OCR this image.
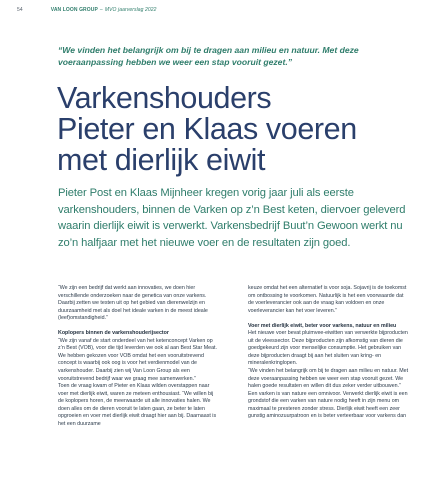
54	VAN LOON GROUP – MVO jaarverslag 2022
“We vinden het belangrijk om bij te dragen aan milieu en natuur. Met deze voeraanpassing hebben we weer een stap vooruit gezet.”
Varkenshouders
Pieter en Klaas voeren
met dierlijk eiwit

Pieter Post en Klaas Mijnheer kregen vorig jaar juli als eerste varkenshouders, binnen de Varken op z’n Best keten, diervoer geleverd waarin dierlijk eiwit is verwerkt. Varkensbedrijf Buut’n Gewoon werkt nu zo’n halfjaar met het nieuwe voer en de resultaten zijn goed.

“We zijn een bedrijf dat werkt aan innovaties, we doen hier verschillende onderzoeken naar de genetica van onze varkens. Daarbij zetten we testen uit op het gebied van dierenwelzijn en duurzaamheid met als doel het ideale varken in de meest ideale (leef)omstandigheid.”

Koplopers binnen de varkenshouderijsector

“We zijn vanaf de start onderdeel van het ketenconcept Varken op z’n Best (VOB), voor die tijd leverden we ook al aan Best Star Meat. We hebben gekozen voor VOB omdat het een vooruitstrevend concept is waarbij ook oog is voor het verdienmodel van de varkenshouder. Daarbij zien wij Van Loon Group als een vooruitstrevend bedrijf waar we graag mee samenwerken.”

Toen de vraag kwam of Pieter en Klaas wilden overstappen naar voer met dierlijk eiwit, waren ze meteen enthousiast. “We willen bij de koplopers horen, de meerwaarde uit alle innovaties halen. We doen alles om de dieren vooruit te laten gaan, ze beter te laten opgroeien en voer met dierlijk eiwit draagt hier aan bij. Daarnaast is het een duurzame

keuze omdat het een alternatief is voor soja. Sojavrij is de toekomst om ontbossing te voorkomen. Natuurlijk is het een voorwaarde dat de voerleverancier ook aan de vraag kan voldoen en onze voerleverancier kan het voer leveren.”

Voer met dierlijk eiwit, beter voor varkens, natuur en milieu

Het nieuwe voer bevat pluimvee-eiwitten van verwerkte bijproducten uit de vleessector. Deze bijproducten zijn afkomstig van dieren die goedgekeurd zijn voor menselijke consumptie. Het gebruiken van deze bijproducten draagt bij aan het sluiten van kring- en mineralenkringlopen.

“We vinden het belangrijk om bij te dragen aan milieu en natuur. Met deze voeraanpassing hebben we weer een stap vooruit gezet. We halen goede resultaten en willen dit dus zeker verder uitbouwen.” Een varken is van nature een omnivoor. Verwerkt dierlijk eiwit is een grondstof die een varken van nature nodig heeft in zijn menu om maximaal te presteren zonder stress. Dierlijk eiwit heeft een zeer gunstig aminozuurpatroon en is beter verteerbaar voor varkens dan
